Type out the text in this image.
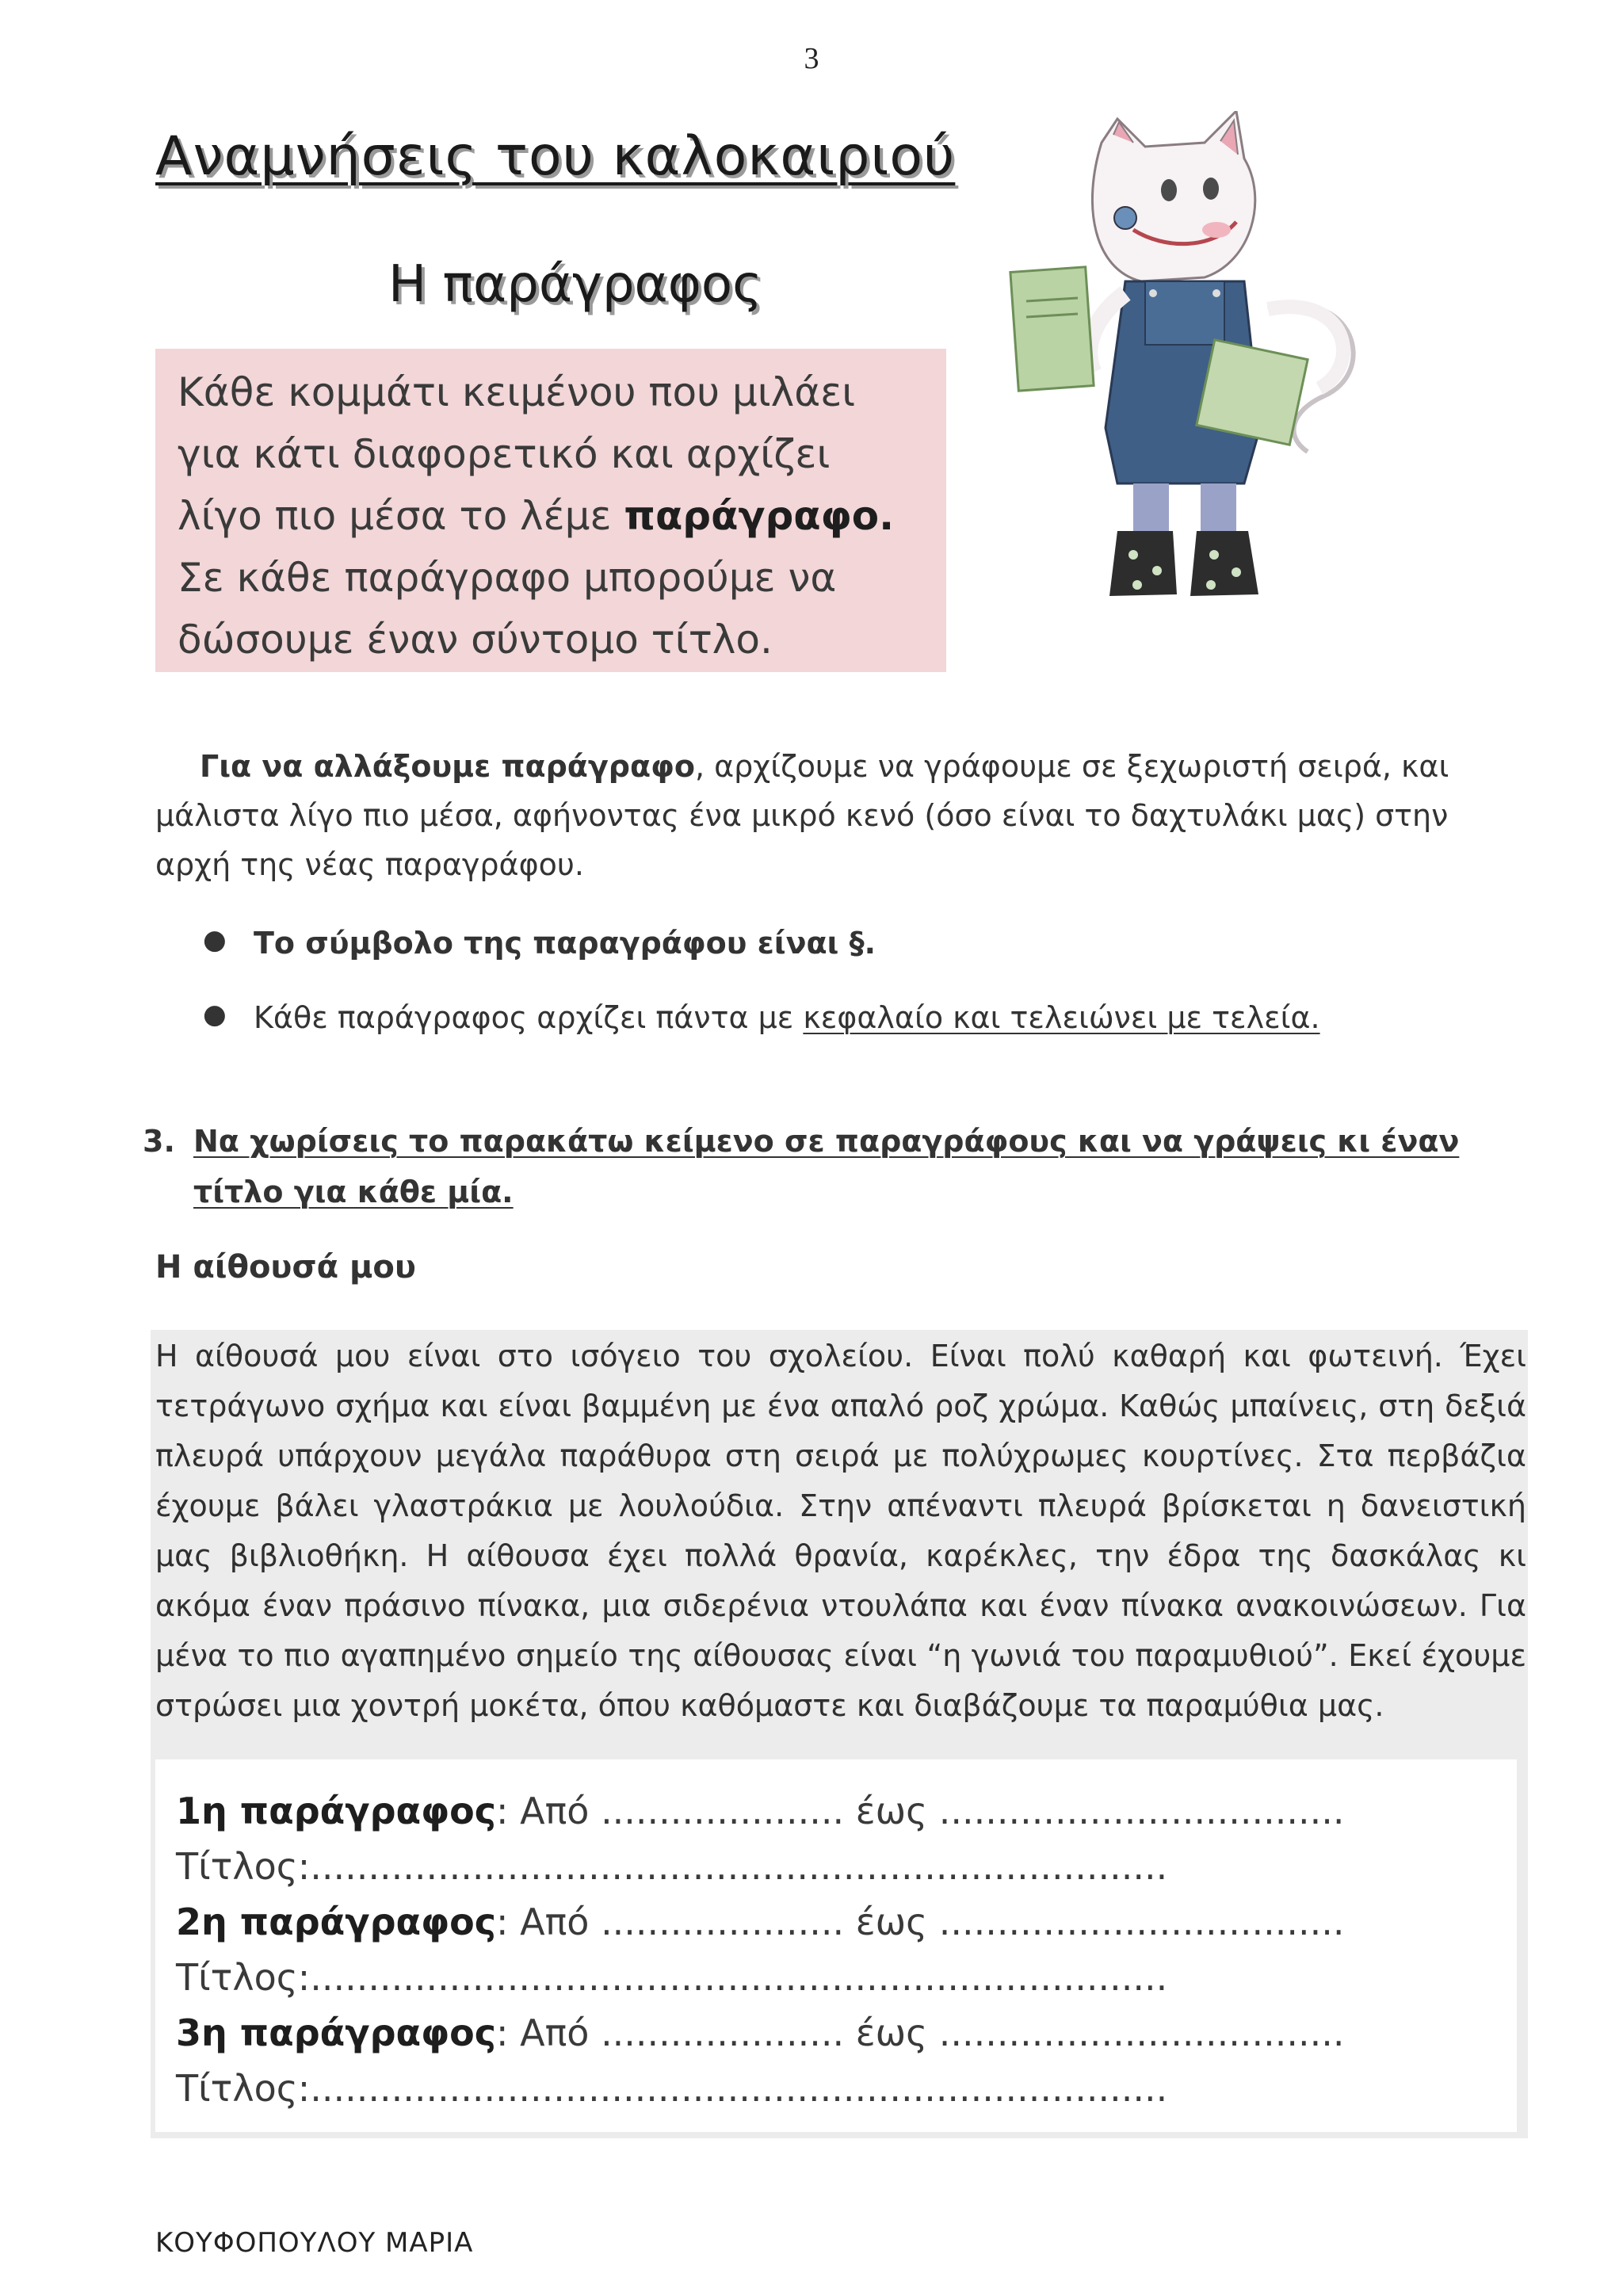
3
Αναμνήσεις του καλοκαιριού
Η παράγραφος

Κάθε κομμάτι κειμένου που μιλάει

για κάτι διαφορετικό και αρχίζει

λίγο πιο μέσα το λέμε παράγραφο.

Σε κάθε παράγραφο μπορούμε να

δώσουμε έναν σύντομο τίτλο.

Για να αλλάξουμε παράγραφο, αρχίζουμε να γράφουμε σε ξεχωριστή σειρά, και μάλιστα λίγο πιο μέσα, αφήνοντας ένα μικρό κενό (όσο είναι το δαχτυλάκι μας) στην αρχή της νέας παραγράφου.
● Το σύμβολο της παραγράφου είναι §.
● Κάθε παράγραφος αρχίζει πάντα με κεφαλαίο και τελειώνει με τελεία.
3. Να χωρίσεις το παρακάτω κείμενο σε παραγράφους και να γράψεις κι έναν τίτλο για κάθε μία.
Η αίθουσά μου
Η αίθουσά μου είναι στο ισόγειο του σχολείου. Είναι πολύ καθαρή και φωτεινή. Έχει τετράγωνο σχήμα και είναι βαμμένη με ένα απαλό ροζ χρώμα. Καθώς μπαίνεις, στη δεξιά πλευρά υπάρχουν μεγάλα παράθυρα στη σειρά με πολύχρωμες κουρτίνες. Στα περβάζια έχουμε βάλει γλαστράκια με λουλούδια. Στην απέναντι πλευρά βρίσκεται η δανειστική μας βιβλιοθήκη. Η αίθουσα έχει πολλά θρανία, καρέκλες, την έδρα της δασκάλας κι ακόμα έναν πράσινο πίνακα, μια σιδερένια ντουλάπα και έναν πίνακα ανακοινώσεων. Για μένα το πιο αγαπημένο σημείο της αίθουσας είναι “η γωνιά του παραμυθιού”. Εκεί έχουμε στρώσει μια χοντρή μοκέτα, όπου καθόμαστε και διαβάζουμε τα παραμύθια μας.
1η παράγραφος: Από ..................... έως ...................................
Τίτλος:..........................................................................
2η παράγραφος: Από ..................... έως ...................................
Τίτλος:..........................................................................
3η παράγραφος: Από ..................... έως ...................................
Τίτλος:..........................................................................
ΚΟΥΦΟΠΟΥΛΟΥ ΜΑΡΙΑ
